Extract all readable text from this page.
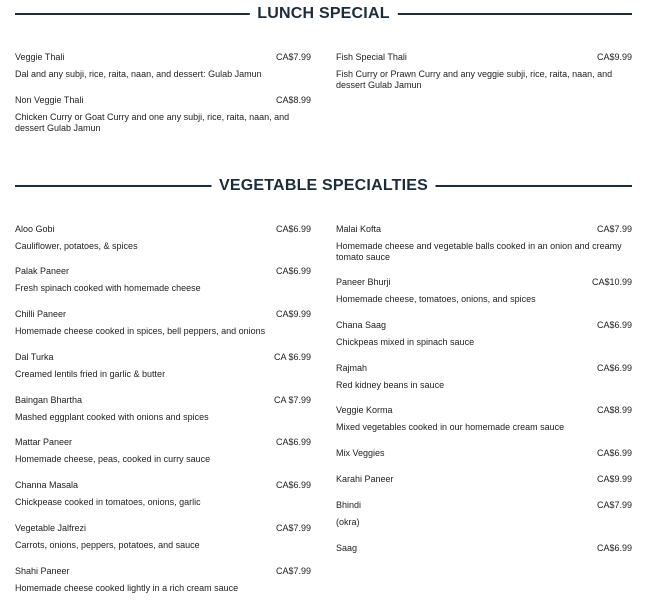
LUNCH SPECIAL
VEGETABLE SPECIALTIES
Veggie Thali	CA$7.99
Dal and any subji, rice, raita, naan, and dessert: Gulab Jamun
Non Veggie Thali	CA$8.99
Chicken Curry or Goat Curry and one any subji, rice, raita, naan, and dessert Gulab Jamun
Fish Special Thali	CA$9.99
Fish Curry or Prawn Curry and any veggie subji, rice, raita, naan, and dessert Gulab Jamun
Aloo Gobi	CA$6.99
Cauliflower, potatoes, & spices
Palak Paneer	CA$6.99
Fresh spinach cooked with homemade cheese
Chilli Paneer	CA$9.99
Homemade cheese cooked in spices, bell peppers, and onions
Dal Turka	CA $6.99
Creamed lentils fried in garlic & butter
Baingan Bhartha	CA $7.99
Mashed eggplant cooked with onions and spices
Mattar Paneer	CA$6.99
Homemade cheese, peas, cooked in curry sauce
Channa Masala	CA$6.99
Chickpease cooked in tomatoes, onions, garlic
Vegetable Jalfrezi	CA$7.99
Carrots, onions, peppers, potatoes, and sauce
Shahi Paneer	CA$7.99
Homemade cheese cooked lightly in a rich cream sauce
Malai Kofta	CA$7.99
Homemade cheese and vegetable balls cooked in an onion and creamy tomato sauce
Paneer Bhurji	CA$10.99
Homemade cheese, tomatoes, onions, and spices
Chana Saag	CA$6.99
Chickpeas mixed in spinach sauce
Rajmah	CA$6.99
Red kidney beans in sauce
Veggie Korma	CA$8.99
Mixed vegetables cooked in our homemade cream sauce
Mix Veggies	CA$6.99
Karahi Paneer	CA$9.99
Bhindi	CA$7.99
(okra)
Saag	CA$6.99
